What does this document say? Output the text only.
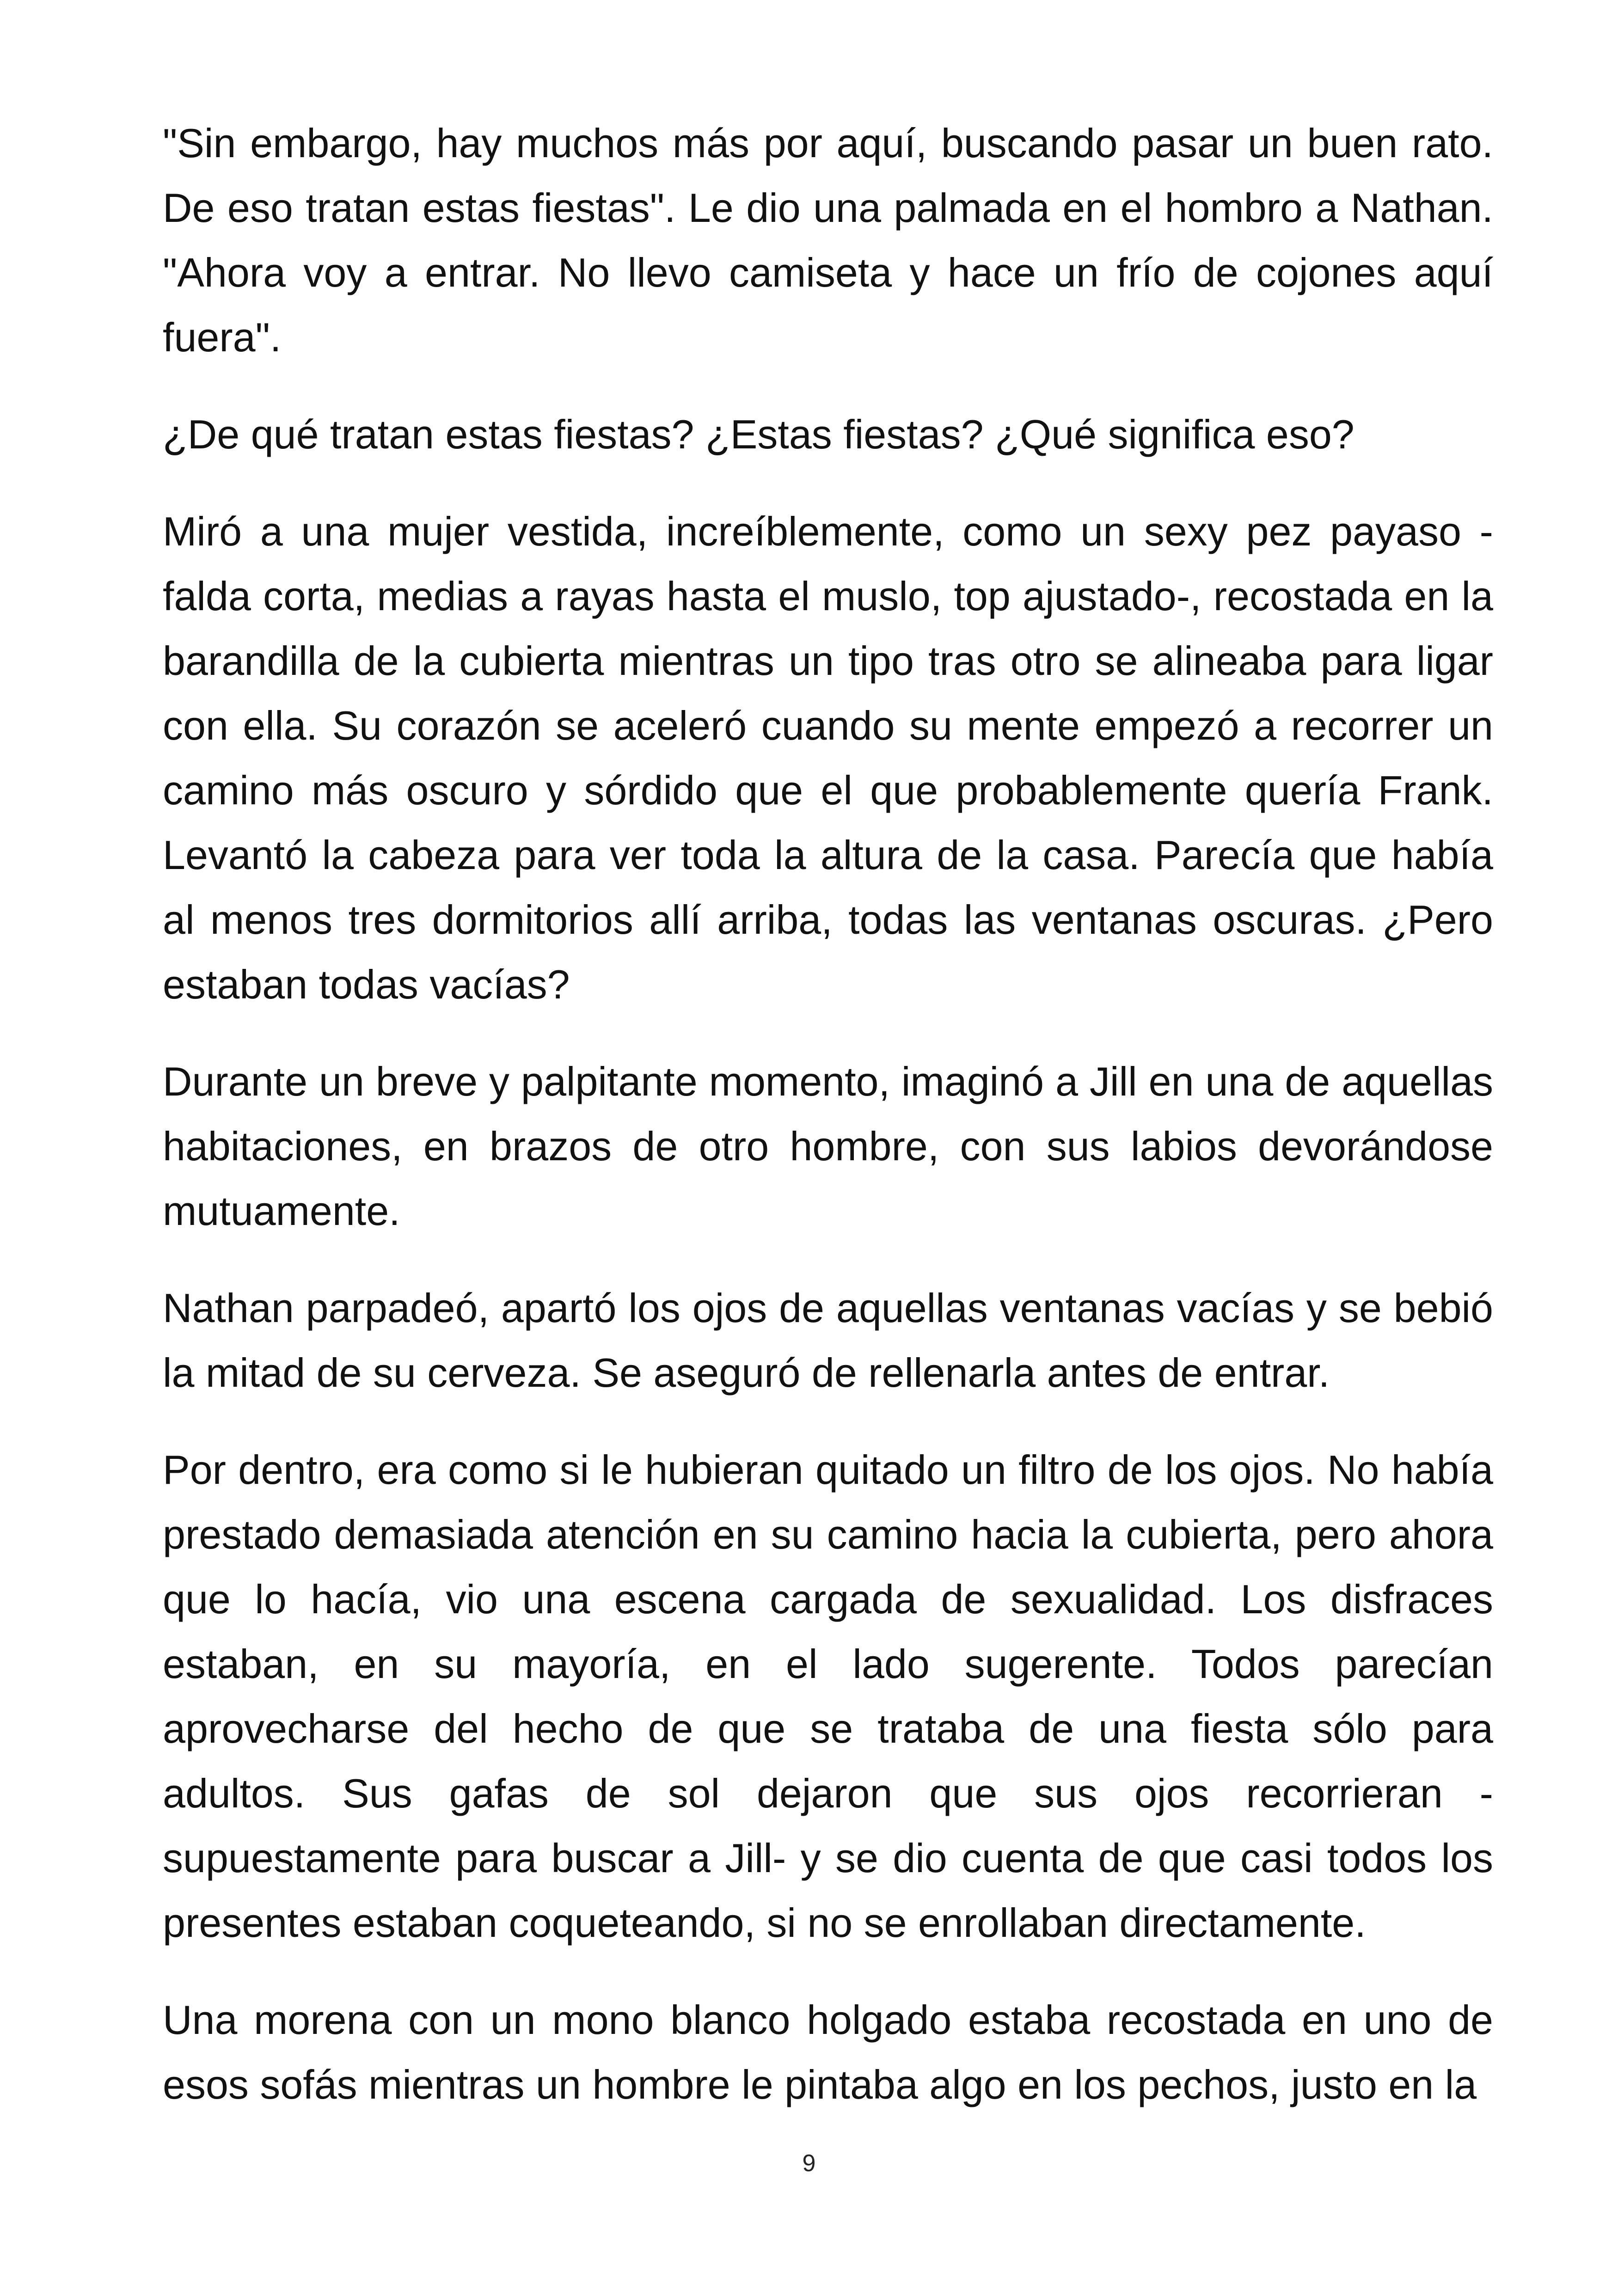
"Sin embargo, hay muchos más por aquí, buscando pasar un buen rato. De eso tratan estas fiestas". Le dio una palmada en el hombro a Nathan. "Ahora voy a entrar. No llevo camiseta y hace un frío de cojones aquí fuera".

¿De qué tratan estas fiestas? ¿Estas fiestas? ¿Qué significa eso?

Miró a una mujer vestida, increíblemente, como un sexy pez payaso - falda corta, medias a rayas hasta el muslo, top ajustado-, recostada en la barandilla de la cubierta mientras un tipo tras otro se alineaba para ligar con ella. Su corazón se aceleró cuando su mente empezó a recorrer un camino más oscuro y sórdido que el que probablemente quería Frank. Levantó la cabeza para ver toda la altura de la casa. Parecía que había al menos tres dormitorios allí arriba, todas las ventanas oscuras. ¿Pero estaban todas vacías?

Durante un breve y palpitante momento, imaginó a Jill en una de aquellas habitaciones, en brazos de otro hombre, con sus labios devorándose mutuamente.

Nathan parpadeó, apartó los ojos de aquellas ventanas vacías y se bebió la mitad de su cerveza. Se aseguró de rellenarla antes de entrar.

Por dentro, era como si le hubieran quitado un filtro de los ojos. No había prestado demasiada atención en su camino hacia la cubierta, pero ahora que lo hacía, vio una escena cargada de sexualidad. Los disfraces estaban, en su mayoría, en el lado sugerente. Todos parecían aprovecharse del hecho de que se trataba de una fiesta sólo para adultos. Sus gafas de sol dejaron que sus ojos recorrieran - supuestamente para buscar a Jill- y se dio cuenta de que casi todos los presentes estaban coqueteando, si no se enrollaban directamente.

Una morena con un mono blanco holgado estaba recostada en uno de esos sofás mientras un hombre le pintaba algo en los pechos, justo en la

9
